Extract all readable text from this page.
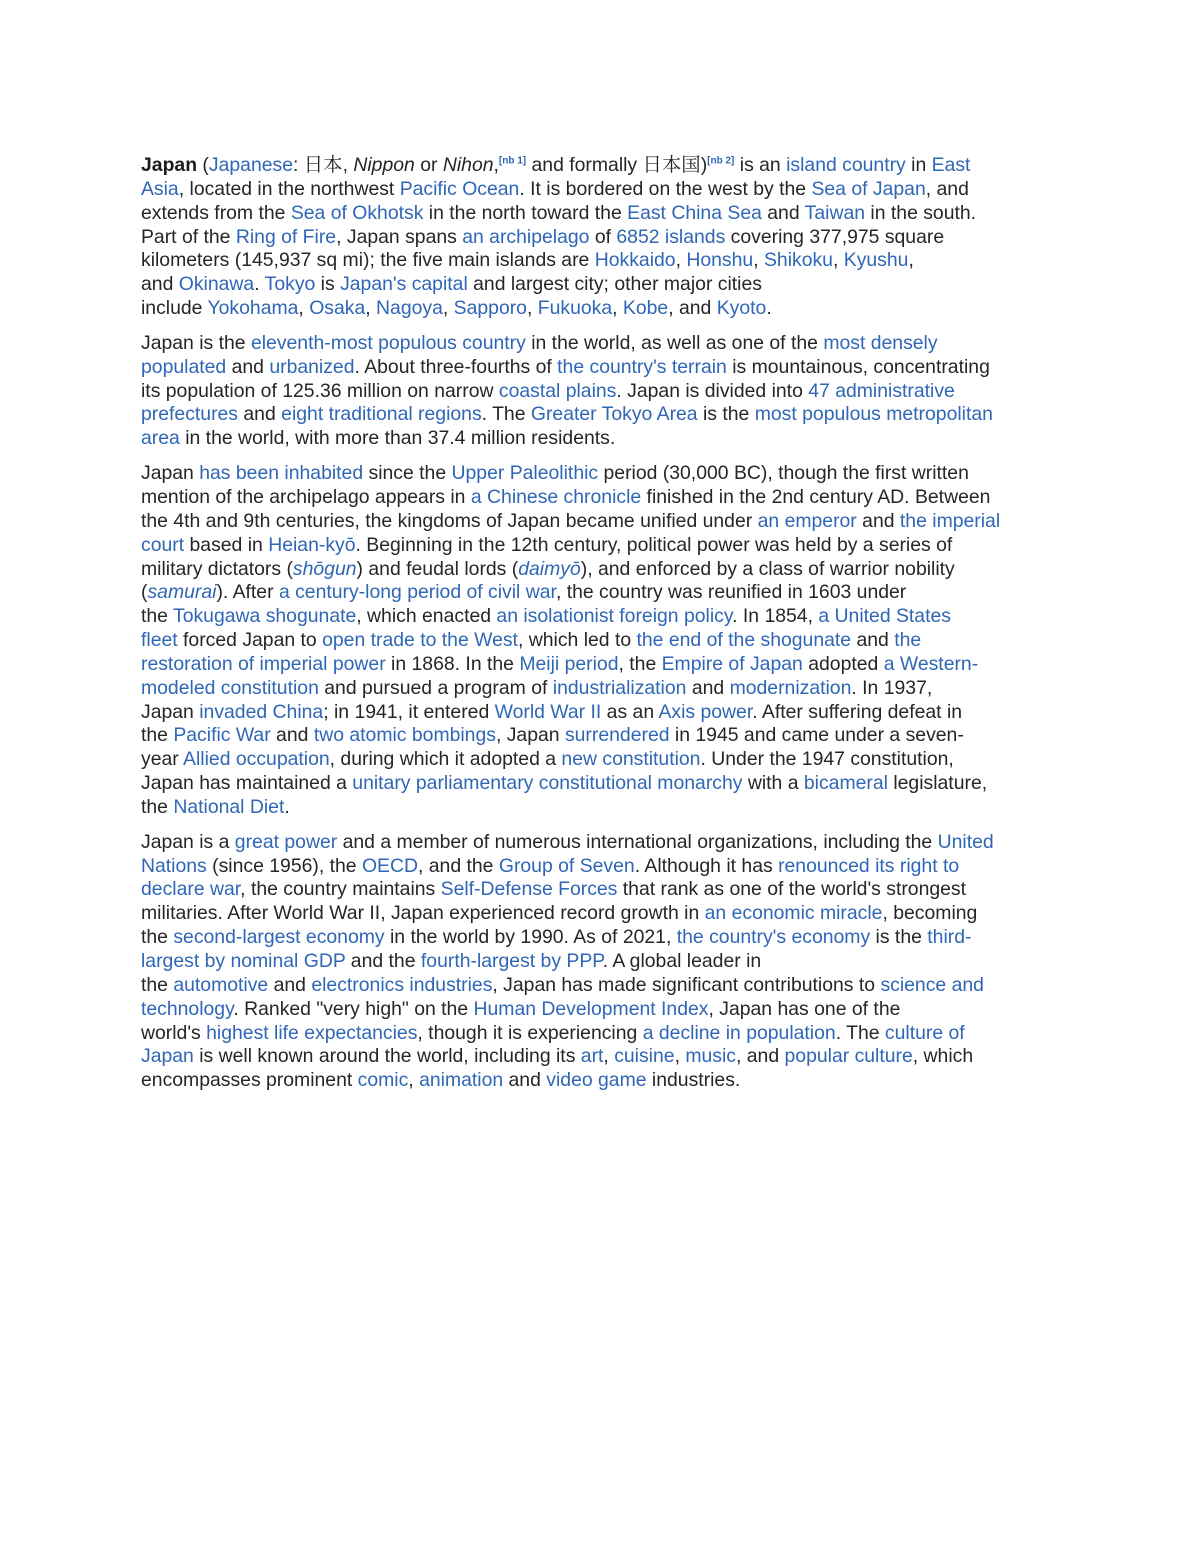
Japan (Japanese: 日本, Nippon or Nihon,[nb 1] and formally 日本国)[nb 2] is an island country in East
Asia, located in the northwest Pacific Ocean. It is bordered on the west by the Sea of Japan, and
extends from the Sea of Okhotsk in the north toward the East China Sea and Taiwan in the south.
Part of the Ring of Fire, Japan spans an archipelago of 6852 islands covering 377,975 square
kilometers (145,937 sq mi); the five main islands are Hokkaido, Honshu, Shikoku, Kyushu,
and Okinawa. Tokyo is Japan's capital and largest city; other major cities
include Yokohama, Osaka, Nagoya, Sapporo, Fukuoka, Kobe, and Kyoto.

Japan is the eleventh-most populous country in the world, as well as one of the most densely
populated and urbanized. About three-fourths of the country's terrain is mountainous, concentrating
its population of 125.36 million on narrow coastal plains. Japan is divided into 47 administrative
prefectures and eight traditional regions. The Greater Tokyo Area is the most populous metropolitan
area in the world, with more than 37.4 million residents.

Japan has been inhabited since the Upper Paleolithic period (30,000 BC), though the first written
mention of the archipelago appears in a Chinese chronicle finished in the 2nd century AD. Between
the 4th and 9th centuries, the kingdoms of Japan became unified under an emperor and the imperial
court based in Heian-kyō. Beginning in the 12th century, political power was held by a series of
military dictators (shōgun) and feudal lords (daimyō), and enforced by a class of warrior nobility
(samurai). After a century-long period of civil war, the country was reunified in 1603 under
the Tokugawa shogunate, which enacted an isolationist foreign policy. In 1854, a United States
fleet forced Japan to open trade to the West, which led to the end of the shogunate and the
restoration of imperial power in 1868. In the Meiji period, the Empire of Japan adopted a Western-
modeled constitution and pursued a program of industrialization and modernization. In 1937,
Japan invaded China; in 1941, it entered World War II as an Axis power. After suffering defeat in
the Pacific War and two atomic bombings, Japan surrendered in 1945 and came under a seven-
year Allied occupation, during which it adopted a new constitution. Under the 1947 constitution,
Japan has maintained a unitary parliamentary constitutional monarchy with a bicameral legislature,
the National Diet.

Japan is a great power and a member of numerous international organizations, including the United
Nations (since 1956), the OECD, and the Group of Seven. Although it has renounced its right to
declare war, the country maintains Self-Defense Forces that rank as one of the world's strongest
militaries. After World War II, Japan experienced record growth in an economic miracle, becoming
the second-largest economy in the world by 1990. As of 2021, the country's economy is the third-
largest by nominal GDP and the fourth-largest by PPP. A global leader in
the automotive and electronics industries, Japan has made significant contributions to science and
technology. Ranked "very high" on the Human Development Index, Japan has one of the
world's highest life expectancies, though it is experiencing a decline in population. The culture of
Japan is well known around the world, including its art, cuisine, music, and popular culture, which
encompasses prominent comic, animation and video game industries.
